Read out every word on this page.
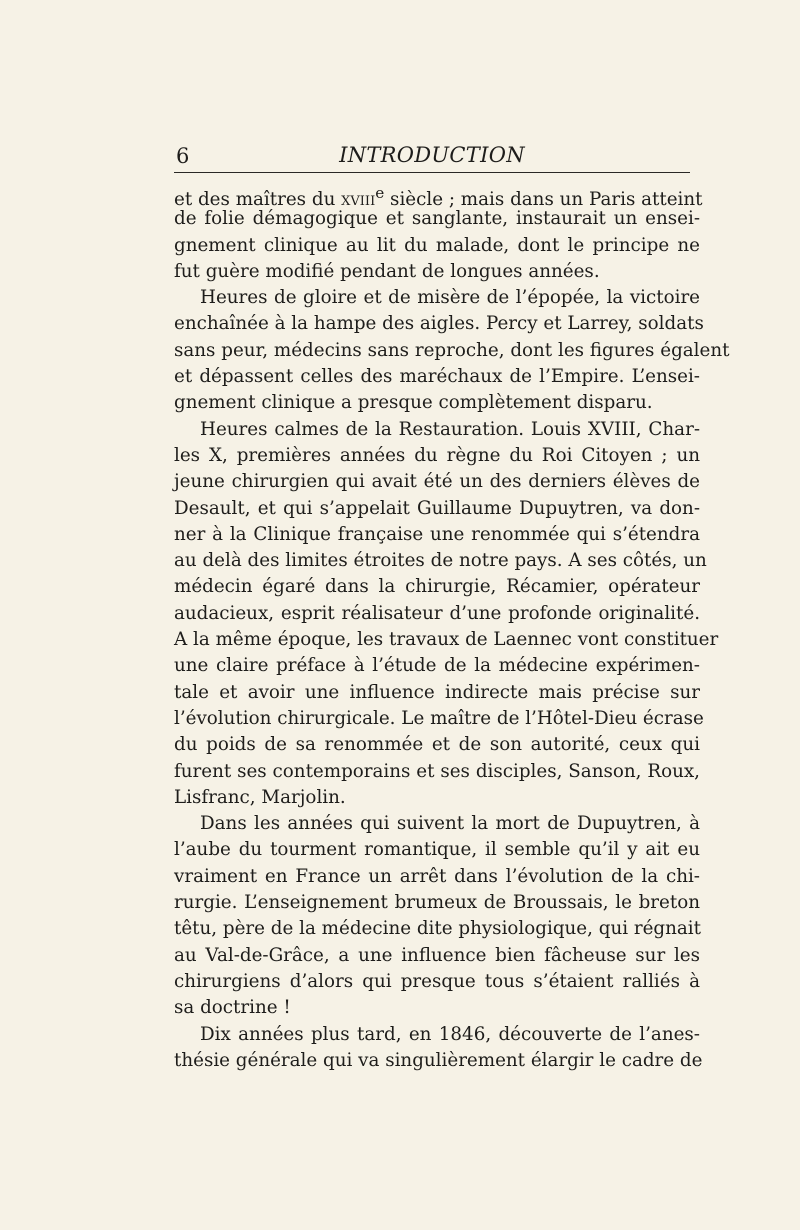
6	INTRODUCTION
et des maîtres du xviii$^e$ siècle ; mais dans un Paris atteint
de folie démagogique et sanglante, instaurait un ensei-
gnement clinique au lit du malade, dont le principe ne
fut guère modifié pendant de longues années.
Heures de gloire et de misère de l’épopée, la victoire
enchaînée à la hampe des aigles. Percy et Larrey, soldats
sans peur, médecins sans reproche, dont les figures égalent
et dépassent celles des maréchaux de l’Empire. L’ensei-
gnement clinique a presque complètement disparu.
Heures calmes de la Restauration. Louis XVIII, Char-
les X, premières années du règne du Roi Citoyen ; un
jeune chirurgien qui avait été un des derniers élèves de
Desault, et qui s’appelait Guillaume Dupuytren, va don-
ner à la Clinique française une renommée qui s’étendra
au delà des limites étroites de notre pays. A ses côtés, un
médecin égaré dans la chirurgie, Récamier, opérateur
audacieux, esprit réalisateur d’une profonde originalité.
A la même époque, les travaux de Laennec vont constituer
une claire préface à l’étude de la médecine expérimen-
tale et avoir une influence indirecte mais précise sur
l’évolution chirurgicale. Le maître de l’Hôtel-Dieu écrase
du poids de sa renommée et de son autorité, ceux qui
furent ses contemporains et ses disciples, Sanson, Roux,
Lisfranc, Marjolin.
Dans les années qui suivent la mort de Dupuytren, à
l’aube du tourment romantique, il semble qu’il y ait eu
vraiment en France un arrêt dans l’évolution de la chi-
rurgie. L’enseignement brumeux de Broussais, le breton
têtu, père de la médecine dite physiologique, qui régnait
au Val-de-Grâce, a une influence bien fâcheuse sur les
chirurgiens d’alors qui presque tous s’étaient ralliés à
sa doctrine !
Dix années plus tard, en 1846, découverte de l’anes-
thésie générale qui va singulièrement élargir le cadre de
